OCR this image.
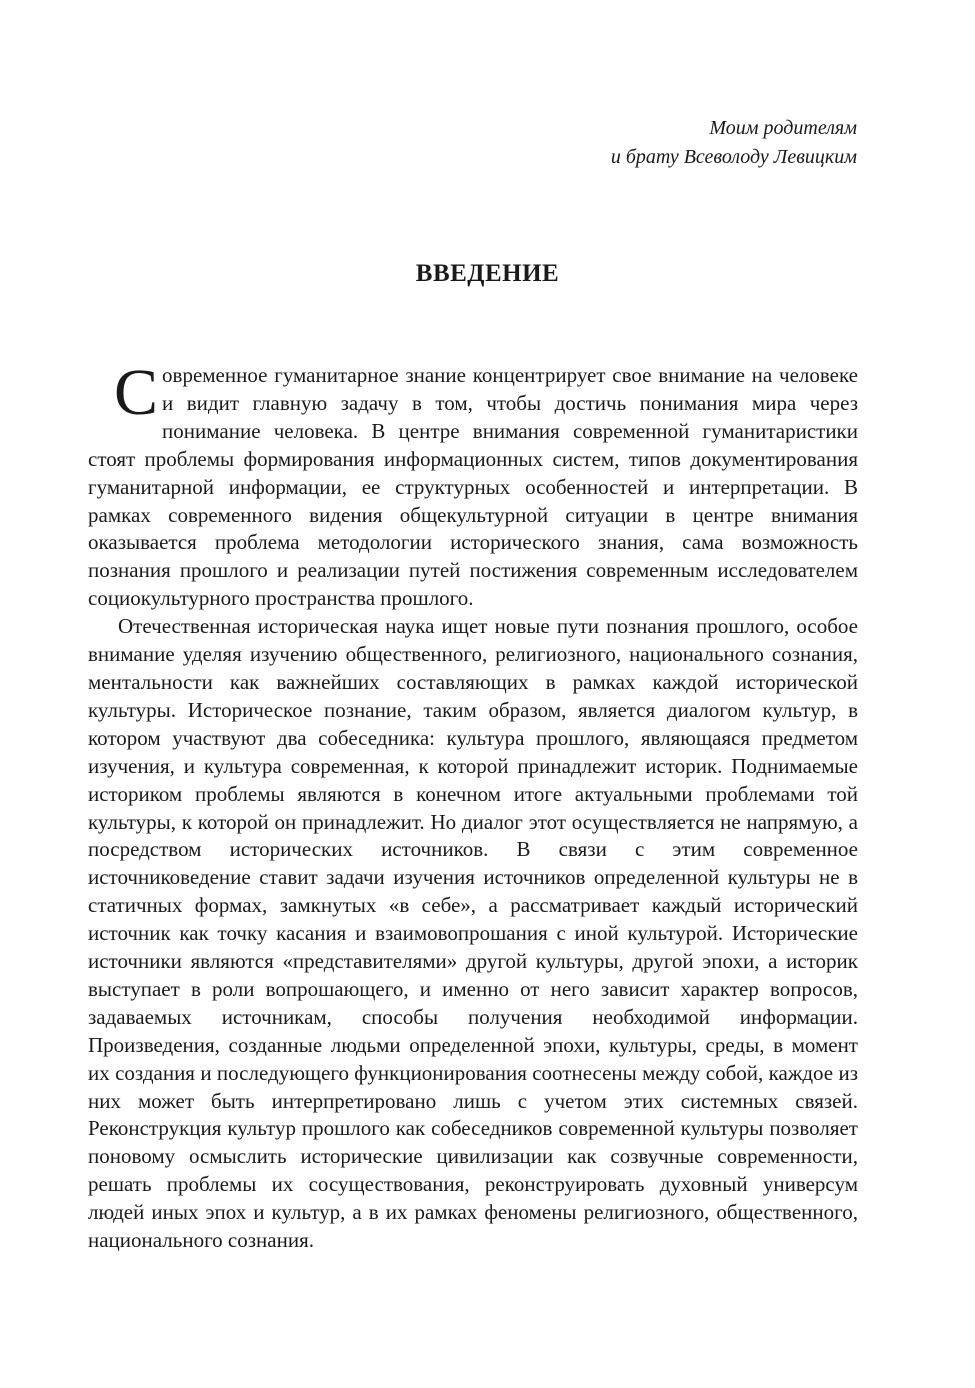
Моим родителям
и брату Всеволоду Левицким
ВВЕДЕНИЕ

Современное гуманитарное знание концентрирует свое внимание на человеке и видит главную задачу в том, чтобы достичь понимания мира через понимание человека. В центре внимания современной гуманитаристики стоят проблемы формирования информационных систем, типов документирования гуманитарной информации, ее структурных особенностей и интерпретации. В рамках современного видения общекультурной ситуации в центре внимания оказывается проблема методологии исторического знания, сама возможность познания прошлого и реализации путей постижения современным исследователем социокультурного пространства прошлого.

Отечественная историческая наука ищет новые пути познания прошлого, особое внимание уделяя изучению общественного, религиозного, национального сознания, ментальности как важнейших составляющих в рамках каждой исторической культуры. Историческое познание, таким образом, является диалогом культур, в котором участвуют два собеседника: культура прошлого, являющаяся предметом изучения, и культура современная, к которой принадлежит историк. Поднимаемые историком проблемы являются в конечном итоге актуальными проблемами той культуры, к которой он принадлежит. Но диалог этот осуществляется не напрямую, а посредством исторических источников. В связи с этим современное источниковедение ставит задачи изучения источников определенной культуры не в статичных формах, замкнутых «в себе», а рассматривает каждый исторический источник как точку касания и взаимовопрошания с иной культурой. Исторические источники являются «представителями» другой культуры, другой эпохи, а историк выступает в роли вопрошающего, и именно от него зависит характер вопросов, задаваемых источникам, способы получения необходимой информации. Произведения, созданные людьми определенной эпохи, культуры, среды, в момент их создания и последующего функционирования соотнесены между собой, каждое из них может быть интерпретировано лишь с учетом этих системных связей. Реконструкция культур прошлого как собеседников современной культуры позволяет поновому осмыслить исторические цивилизации как созвучные современности, решать проблемы их сосуществования, реконструировать духовный универсум людей иных эпох и культур, а в их рамках феномены религиозного, общественного, национального сознания.
